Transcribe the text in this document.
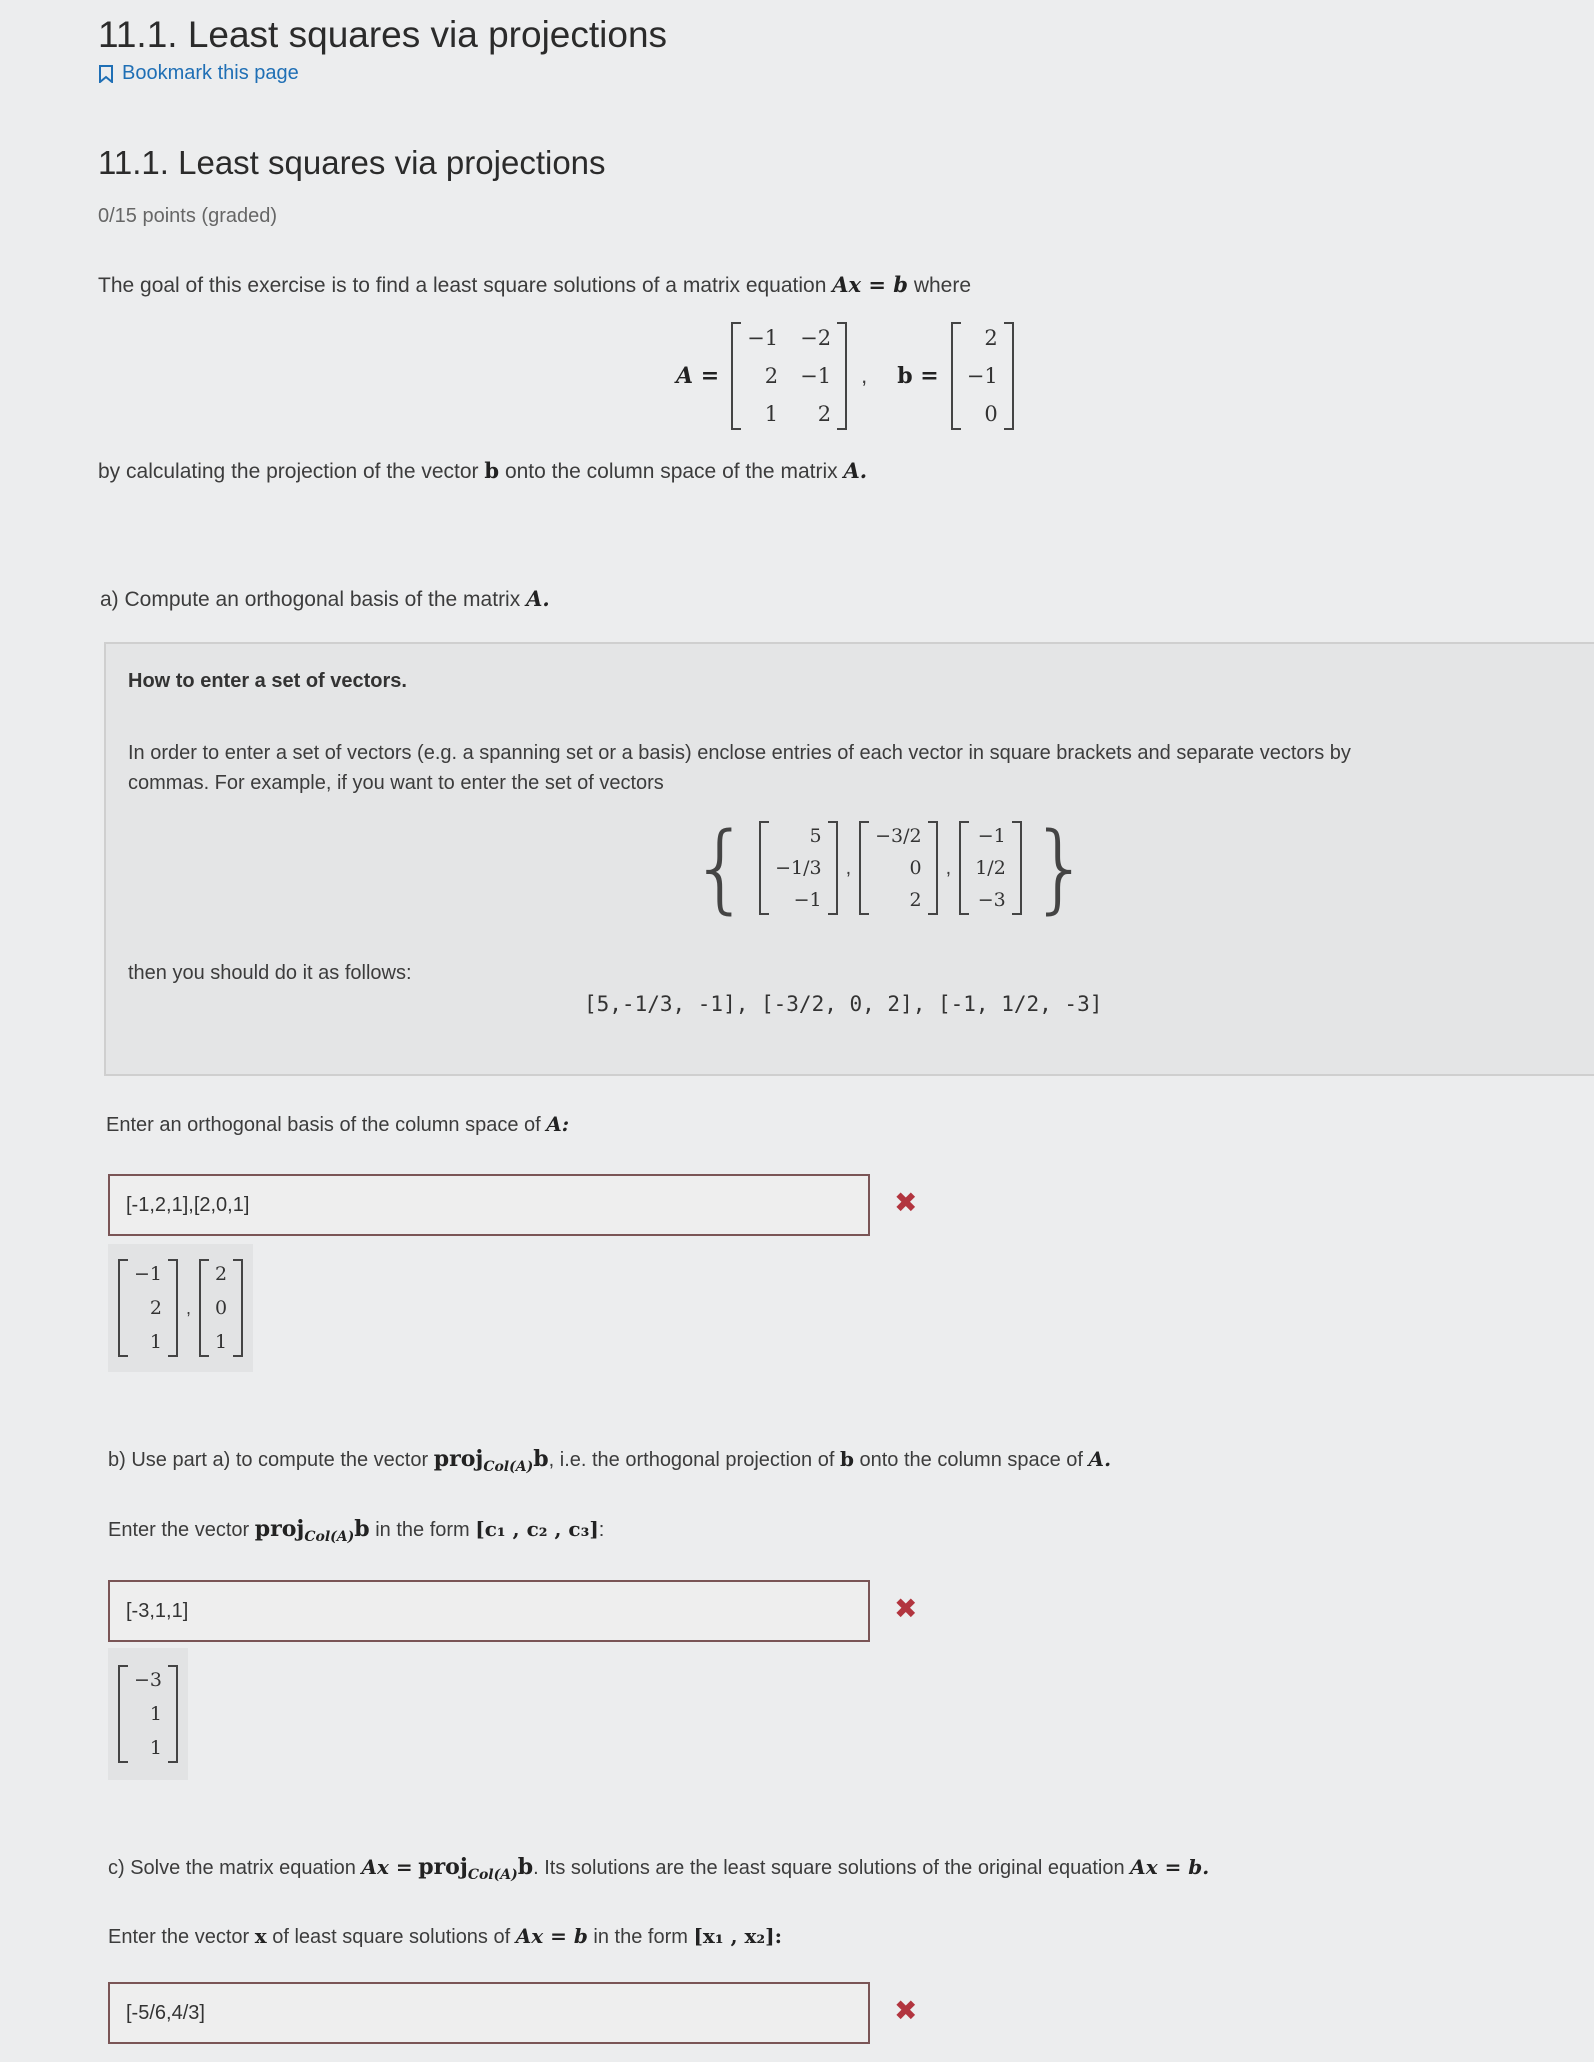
11.1. Least squares via projections
Bookmark this page
11.1. Least squares via projections
0/15 points (graded)
The goal of this exercise is to find a least square solutions of a matrix equation Ax = b where
A =
−1 −2
2 −1
1	2
, b =
2
−1
0
by calculating the projection of the vector b onto the column space of the matrix A.
a) Compute an orthogonal basis of the matrix A.
How to enter a set of vectors.
In order to enter a set of vectors (e.g. a spanning set or a basis) enclose entries of each vector in square brackets and separate vectors by
commas. For example, if you want to enter the set of vectors
{	5
−1/3
−1
,
−3/2
0
2
,
−1
1/2
−3 }
then you should do it as follows:
[5,-1/3, -1], [-3/2, 0, 2], [-1, 1/2, -3]
Enter an orthogonal basis of the column space of A:
[-1,2,1],[2,0,1]	✖
−1
2
1
,
2
0
1
b) Use part a) to compute the vector proj$_{Col(A)}$b, i.e. the orthogonal projection of b onto the column space of A.
Enter the vector proj$_{Col(A)}$b in the form [c₁ , c₂ , c₃]:
[-3,1,1]	✖
−3
1
1
c) Solve the matrix equation Ax = proj$_{Col(A)}$b. Its solutions are the least square solutions of the original equation Ax = b.
Enter the vector x of least square solutions of Ax = b in the form [x₁ , x₂]:
[-5/6,4/3]	✖
